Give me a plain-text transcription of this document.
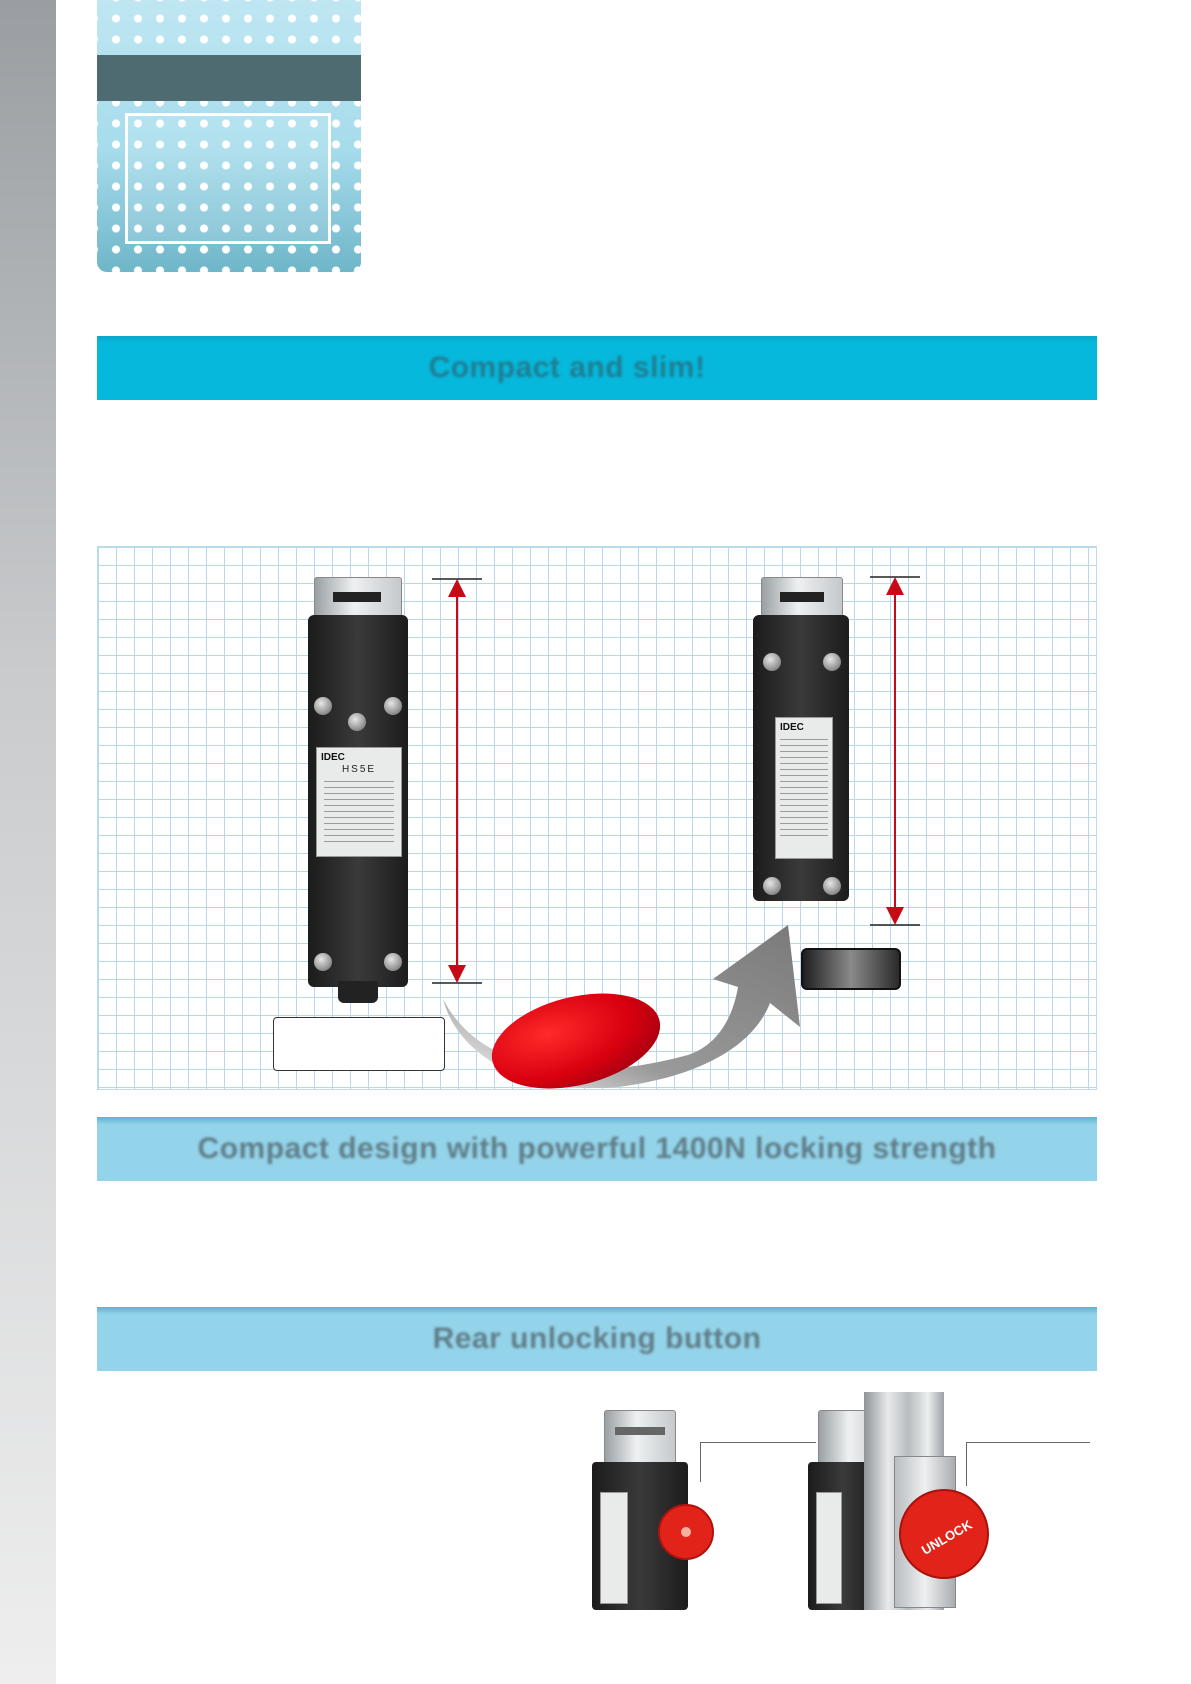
Compact and slim!
IDEC
HS5E
IDEC
Compact design with powerful 1400N locking strength
Rear unlocking button
UNLOCK
